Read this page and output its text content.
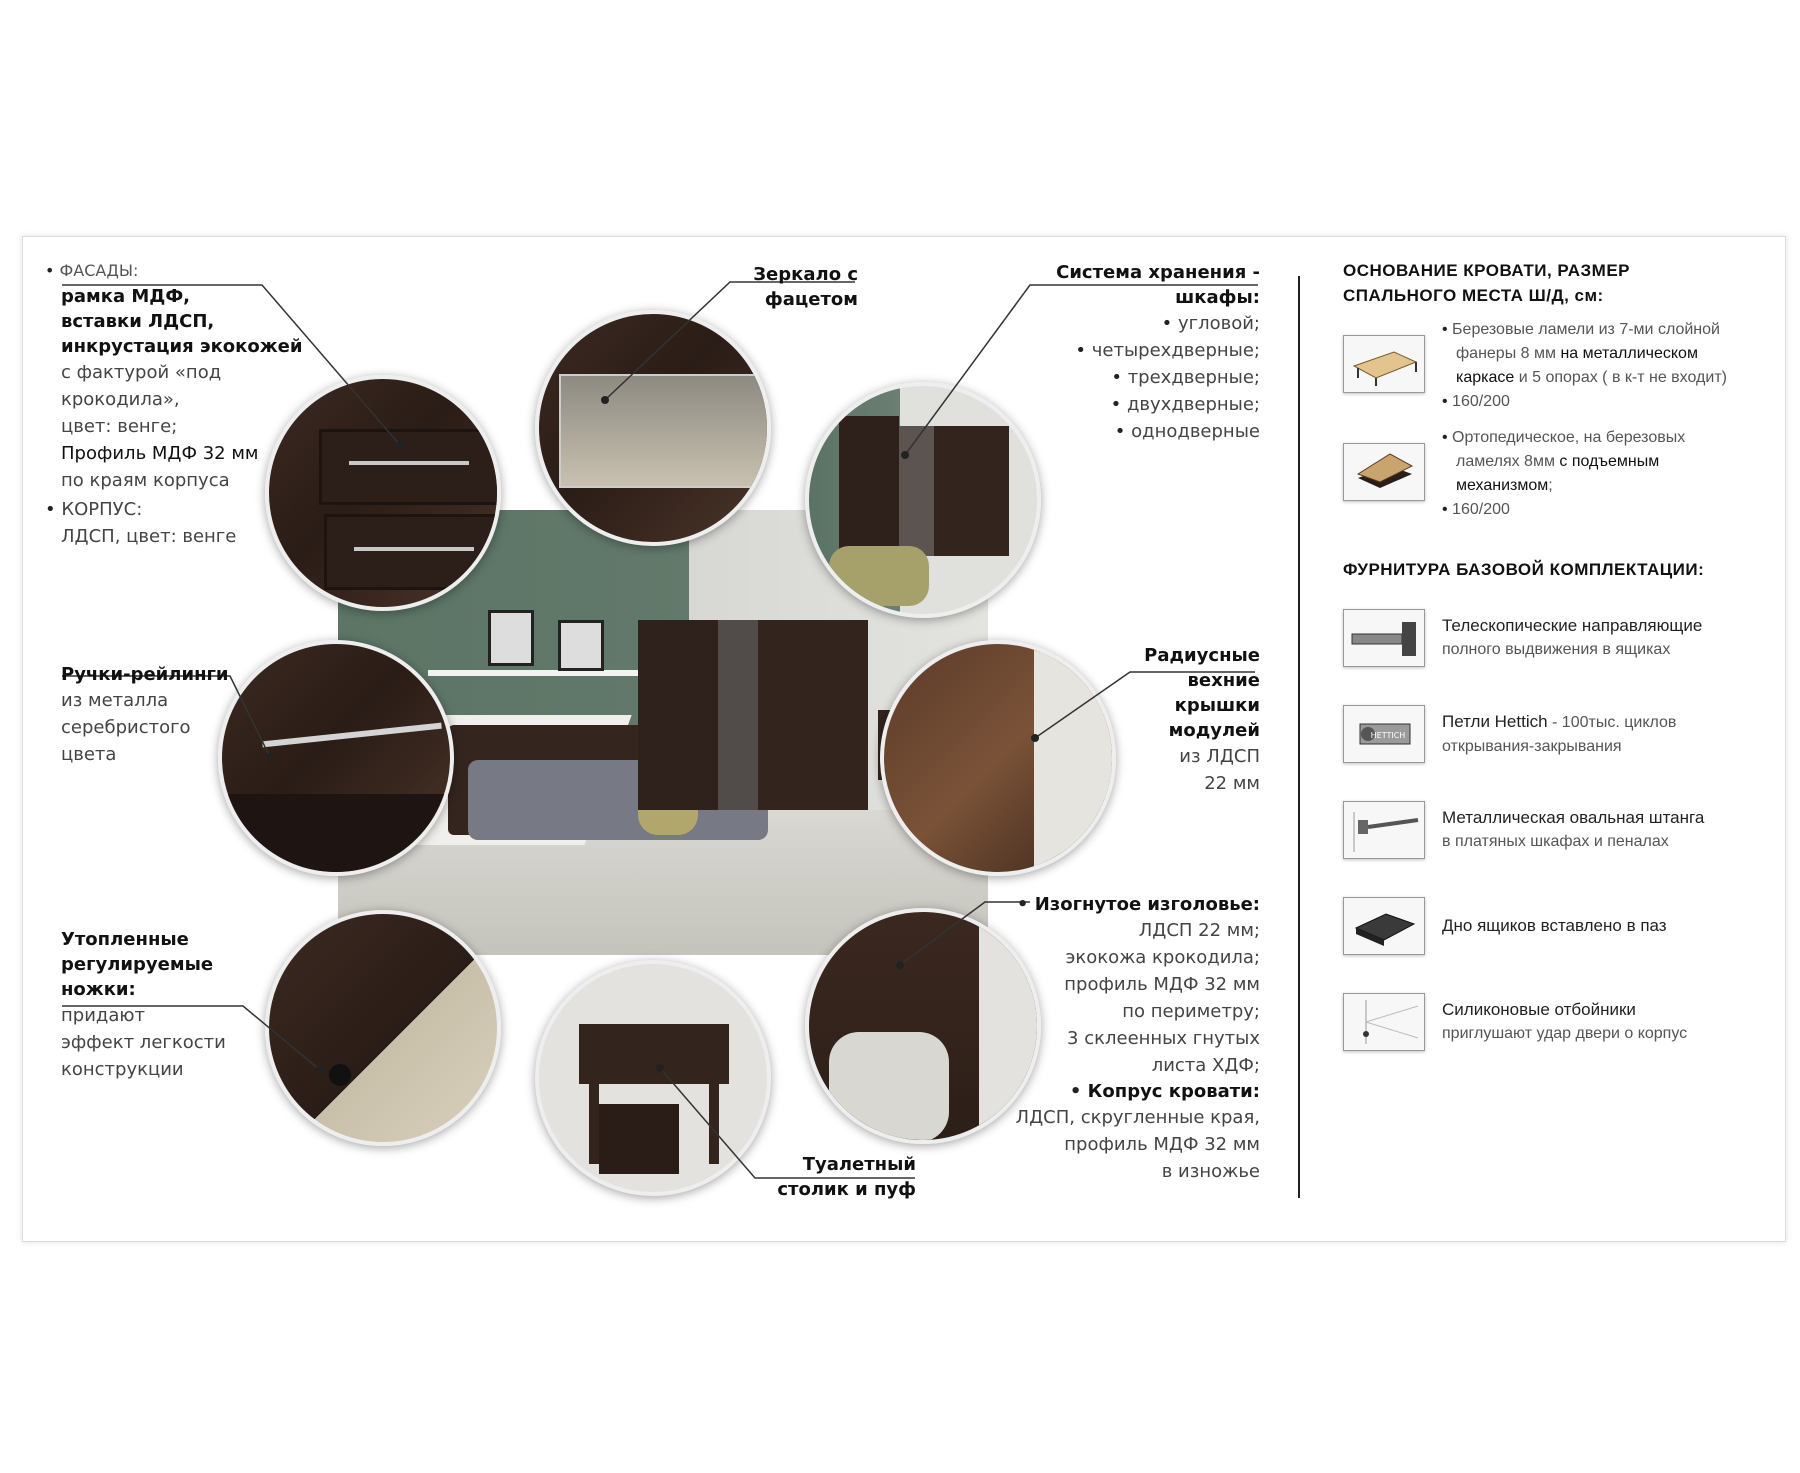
• ФАСАДЫ:
рамка МДФ,
вставки ЛДСП,
инкрустация экокожей
с фактурой «под крокодила»,
цвет: венге;
Профиль МДФ 32 мм
по краям корпуса
• КОРПУС:
ЛДСП, цвет: венге
Зеркало с
фацетом
Система хранения -
шкафы:
• угловой;
• четырехдверные;
• трехдверные;
• двухдверные;
• однодверные
Ручки-рейлинги
из металла
серебристого
цвета
Радиусные
вехние
крышки
модулей
из ЛДСП
22 мм
Утопленные
регулируемые
ножки:
придают
эффект легкости
конструкции
• Изогнутое изголовье:
ЛДСП 22 мм;
экокожа крокодила;
профиль МДФ 32 мм
по периметру;
3 склеенных гнутых
листа ХДФ;
• Копрус кровати:
ЛДСП, скругленные края,
профиль МДФ 32 мм
в изножье
Туалетный
столик и пуф
ОСНОВАНИЕ КРОВАТИ, РАЗМЕР
СПАЛЬНОГО МЕСТА Ш/Д, см:
• Березовые ламели из 7-ми слойной
фанеры 8 мм на металлическом
каркасе и 5 опорах ( в к-т не входит)
• 160/200
• Ортопедическое, на березовых
ламелях 8мм с подъемным
механизмом;
• 160/200
ФУРНИТУРА БАЗОВОЙ КОМПЛЕКТАЦИИ:
Телескопические направляющие
полного выдвижения в ящиках
HETTICH
Петли Hettich - 100тыс. циклов
открывания-закрывания
Металлическая овальная штанга
в платяных шкафах и пеналах
Дно ящиков вставлено в паз
Силиконовые отбойники
приглушают удар двери о корпус
